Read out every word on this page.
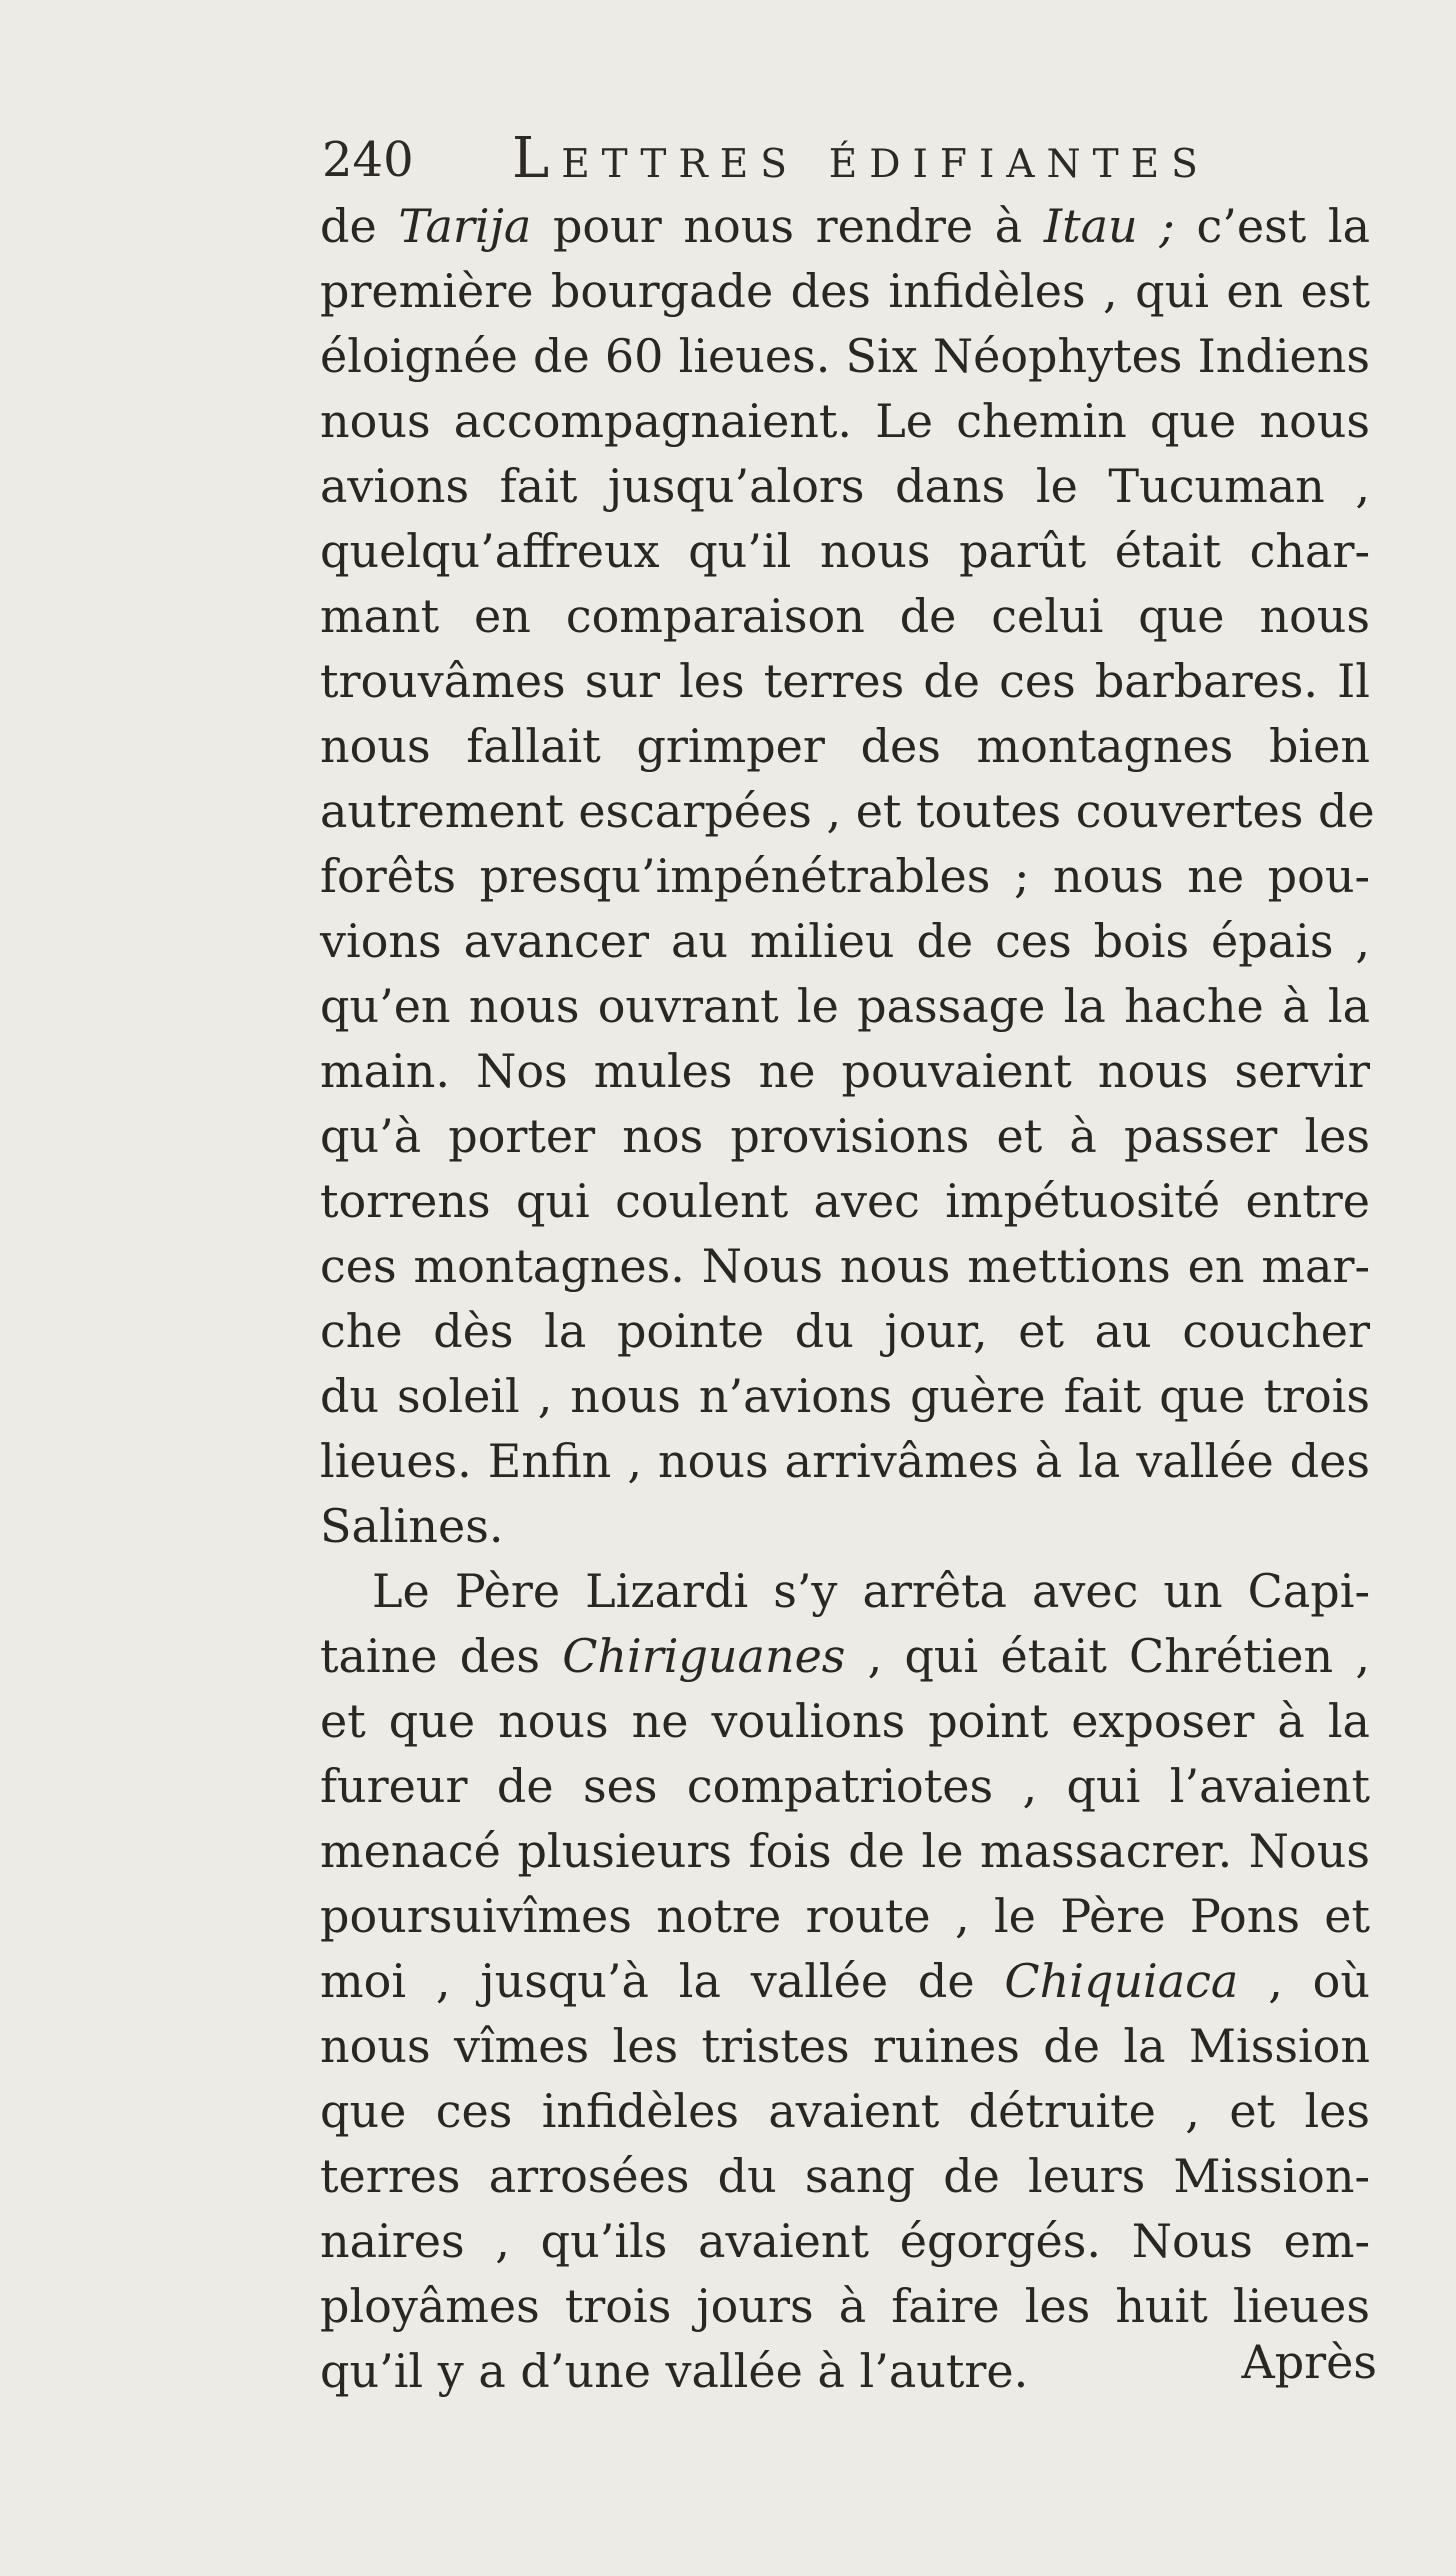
240 Lettres édifiantes
de Tarija pour nous rendre à Itau ; c’est la
première bourgade des infidèles , qui en est
éloignée de 60 lieues. Six Néophytes Indiens
nous accompagnaient. Le chemin que nous
avions fait jusqu’alors dans le Tucuman ,
quelqu’affreux qu’il nous parût était char-
mant en comparaison de celui que nous
trouvâmes sur les terres de ces barbares. Il
nous fallait grimper des montagnes bien
autrement escarpées , et toutes couvertes de
forêts presqu’impénétrables ; nous ne pou-
vions avancer au milieu de ces bois épais ,
qu’en nous ouvrant le passage la hache à la
main. Nos mules ne pouvaient nous servir
qu’à porter nos provisions et à passer les
torrens qui coulent avec impétuosité entre
ces montagnes. Nous nous mettions en mar-
che dès la pointe du jour, et au coucher
du soleil , nous n’avions guère fait que trois
lieues. Enfin , nous arrivâmes à la vallée des
Salines.
Le Père Lizardi s’y arrêta avec un Capi-
taine des Chiriguanes , qui était Chrétien ,
et que nous ne voulions point exposer à la
fureur de ses compatriotes , qui l’avaient
menacé plusieurs fois de le massacrer. Nous
poursuivîmes notre route , le Père Pons et
moi , jusqu’à la vallée de Chiquiaca , où
nous vîmes les tristes ruines de la Mission
que ces infidèles avaient détruite , et les
terres arrosées du sang de leurs Mission-
naires , qu’ils avaient égorgés. Nous em-
ployâmes trois jours à faire les huit lieues
qu’il y a d’une vallée à l’autre.	Après
